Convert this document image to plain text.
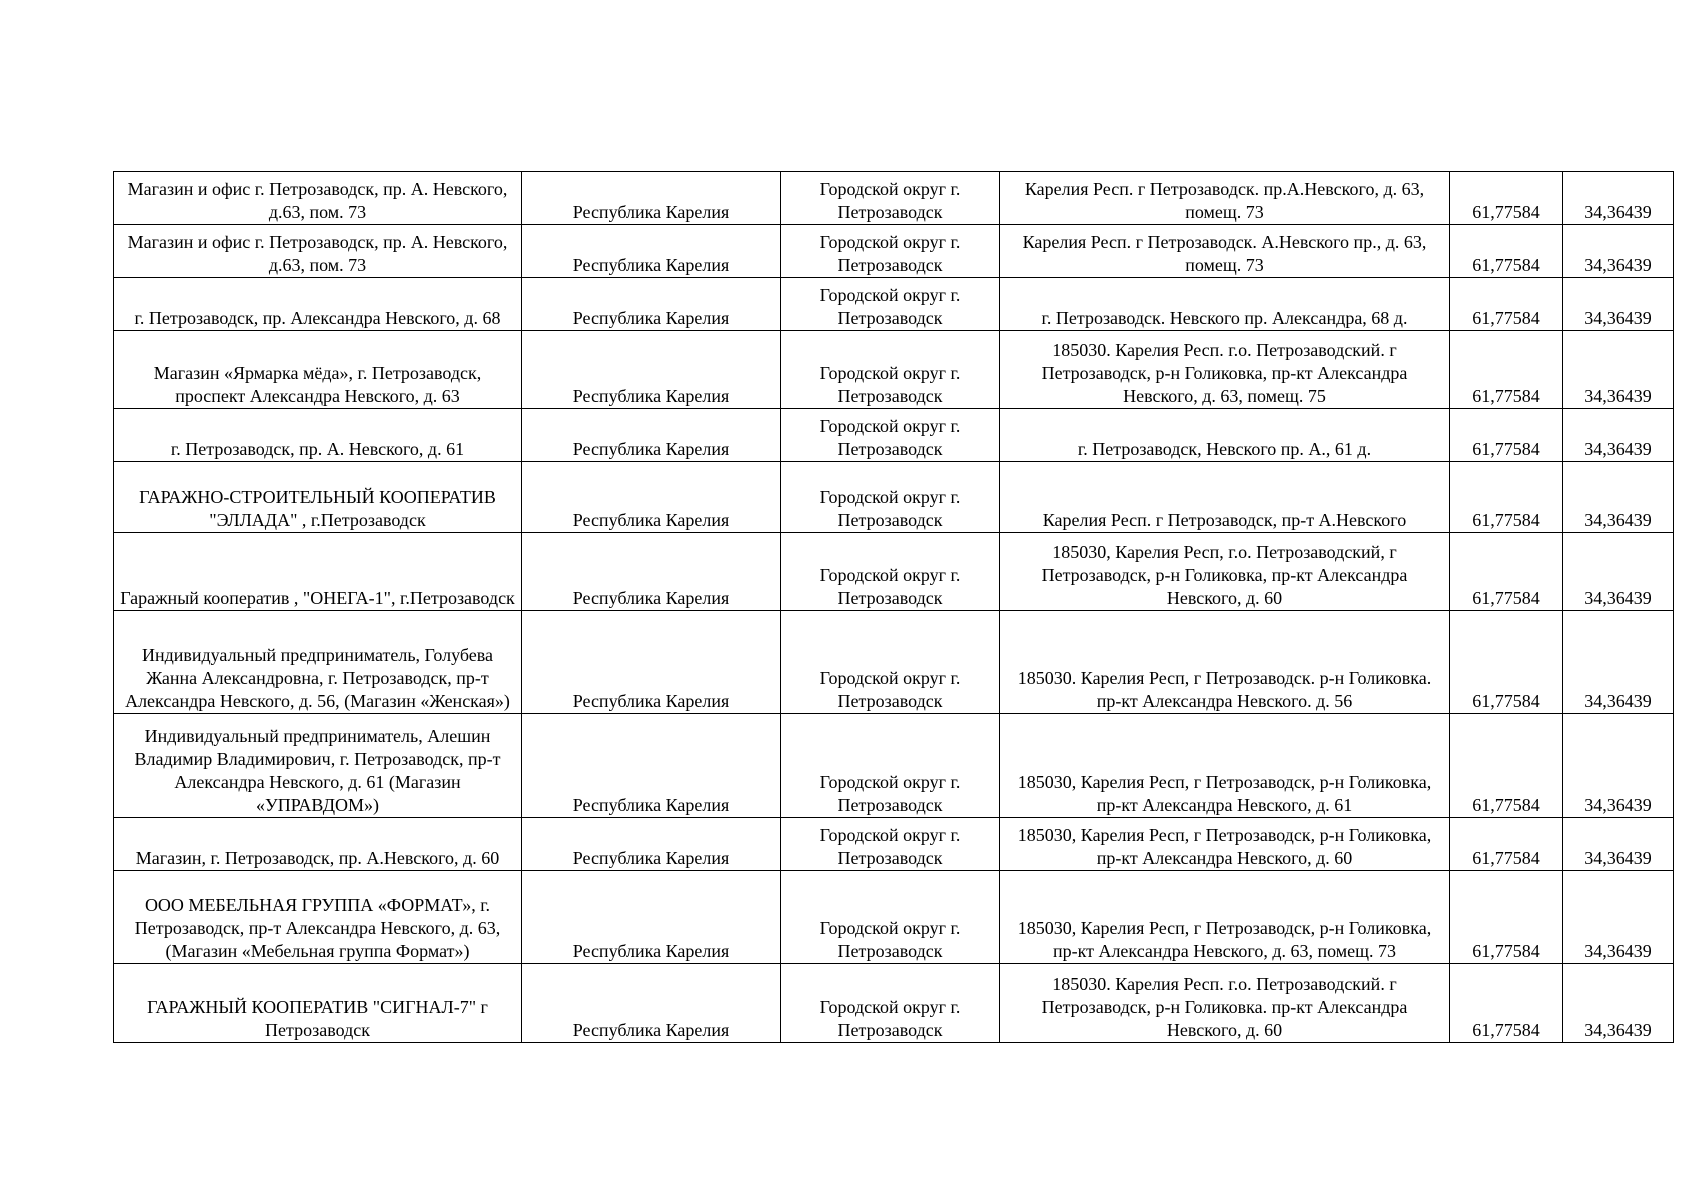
Магазин и офис г. Петрозаводск, пр. А. Невского, д.63, пом. 73	Республика Карелия	Городской округ г. Петрозаводск	Карелия Респ. г Петрозаводск. пр.А.Невского, д. 63, помещ. 73	61,77584	34,36439
Магазин и офис г. Петрозаводск, пр. А. Невского, д.63, пом. 73	Республика Карелия	Городской округ г. Петрозаводск	Карелия Респ. г Петрозаводск. А.Невского пр., д. 63, помещ. 73	61,77584	34,36439
г. Петрозаводск, пр. Александра Невского, д. 68	Республика Карелия	Городской округ г. Петрозаводск	г. Петрозаводск. Невского пр. Александра, 68 д.	61,77584	34,36439
Магазин «Ярмарка мёда», г. Петрозаводск, проспект Александра Невского, д. 63	Республика Карелия	Городской округ г. Петрозаводск	185030. Карелия Респ. г.о. Петрозаводский. г Петрозаводск, р-н Голиковка, пр-кт Александра Невского, д. 63, помещ. 75	61,77584	34,36439
г. Петрозаводск, пр. А. Невского, д. 61	Республика Карелия	Городской округ г. Петрозаводск	г. Петрозаводск, Невского пр. А., 61 д.	61,77584	34,36439
ГАРАЖНО-СТРОИТЕЛЬНЫЙ КООПЕРАТИВ "ЭЛЛАДА" , г.Петрозаводск	Республика Карелия	Городской округ г. Петрозаводск	Карелия Респ. г Петрозаводск, пр-т А.Невского	61,77584	34,36439
Гаражный кооператив , "ОНЕГА-1", г.Петрозаводск	Республика Карелия	Городской округ г. Петрозаводск	185030, Карелия Респ, г.о. Петрозаводский, г Петрозаводск, р-н Голиковка, пр-кт Александра Невского, д. 60	61,77584	34,36439
Индивидуальный предприниматель, Голубева Жанна Александровна, г. Петрозаводск, пр-т Александра Невского, д. 56, (Магазин «Женская»)	Республика Карелия	Городской округ г. Петрозаводск	185030. Карелия Респ, г Петрозаводск. р-н Голиковка. пр-кт Александра Невского. д. 56	61,77584	34,36439
Индивидуальный предприниматель, Алешин Владимир Владимирович, г. Петрозаводск, пр-т Александра Невского, д. 61 (Магазин «УПРАВДОМ»)	Республика Карелия	Городской округ г. Петрозаводск	185030, Карелия Респ, г Петрозаводск, р-н Голиковка, пр-кт Александра Невского, д. 61	61,77584	34,36439
Магазин, г. Петрозаводск, пр. А.Невского, д. 60	Республика Карелия	Городской округ г. Петрозаводск	185030, Карелия Респ, г Петрозаводск, р-н Голиковка, пр-кт Александра Невского, д. 60	61,77584	34,36439
ООО МЕБЕЛЬНАЯ ГРУППА «ФОРМАТ», г. Петрозаводск, пр-т Александра Невского, д. 63, (Магазин «Мебельная группа Формат»)	Республика Карелия	Городской округ г. Петрозаводск	185030, Карелия Респ, г Петрозаводск, р-н Голиковка, пр-кт Александра Невского, д. 63, помещ. 73	61,77584	34,36439
ГАРАЖНЫЙ КООПЕРАТИВ "СИГНАЛ-7" г Петрозаводск	Республика Карелия	Городской округ г. Петрозаводск	185030. Карелия Респ. г.о. Петрозаводский. г Петрозаводск, р-н Голиковка. пр-кт Александра Невского, д. 60	61,77584	34,36439
